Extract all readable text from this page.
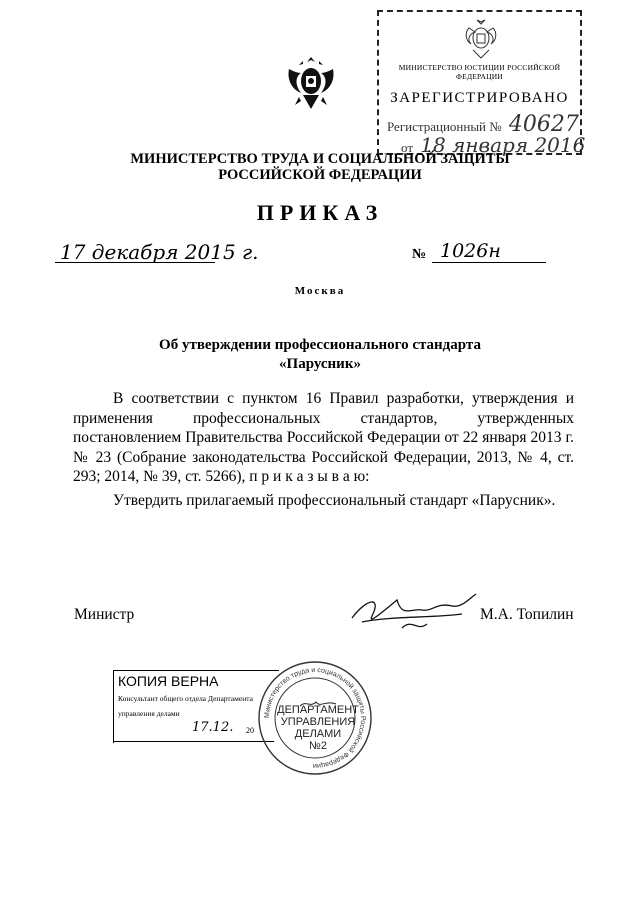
МИНИСТЕРСТВО ЮСТИЦИИ РОССИЙСКОЙ ФЕДЕРАЦИИ
ЗАРЕГИСТРИРОВАНО
Регистрационный № 40627
от 18 января 2016
МИНИСТЕРСТВО ТРУДА И СОЦИАЛЬНОЙ ЗАЩИТЫ
РОССИЙСКОЙ ФЕДЕРАЦИИ
ПРИКАЗ
17 декабря 2015 г.	№ 1026н
Москва
Об утверждении профессионального стандарта
«Парусник»
В соответствии с пунктом 16 Правил разработки, утверждения и применения профессиональных стандартов, утвержденных постановлением Правительства Российской Федерации от 22 января 2013 г. № 23 (Собрание законодательства Российской Федерации, 2013, № 4, ст. 293; 2014, № 39, ст. 5266), п р и к а з ы в а ю:
Утвердить прилагаемый профессиональный стандарт «Парусник».
Министр	М.А. Топилин
КОПИЯ ВЕРНА
Консультант общего отдела Департамента
управления делами
17.12. 20
Министерство труда и социальной защиты Российской Федерации
ДЕПАРТАМЕНТ
УПРАВЛЕНИЯ
ДЕЛАМИ
№2
